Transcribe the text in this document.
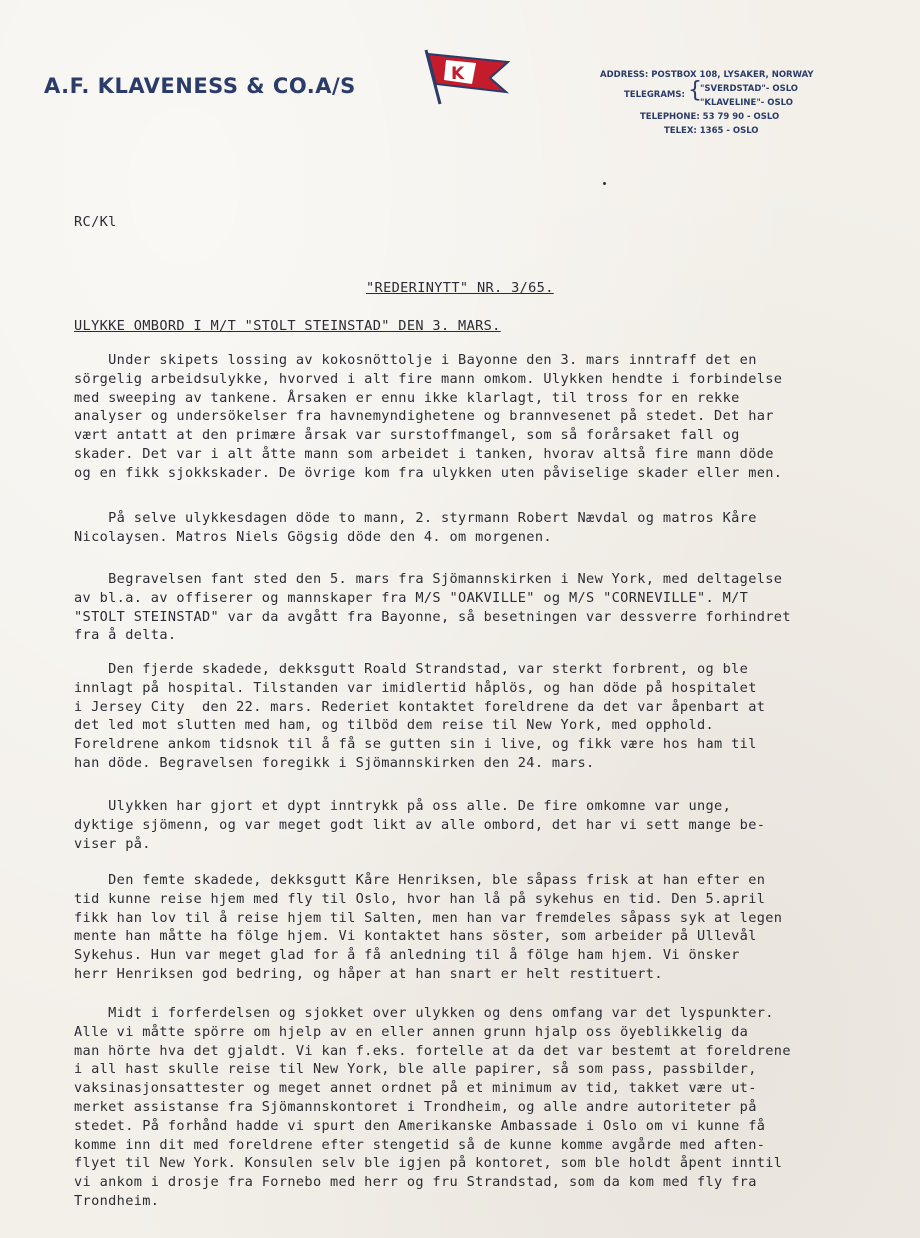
A.F. KLAVENESS & CO.A/S	K	ADDRESS: POSTBOX 108, LYSAKER, NORWAY
TELEGRAMS: {
"SVERDSTAD"- OSLO
"KLAVELINE"- OSLO
TELEPHONE: 53 79 90 - OSLO
TELEX: 1365 - OSLO
RC/Kl
"REDERINYTT" NR. 3/65.
ULYKKE OMBORD I M/T "STOLT STEINSTAD" DEN 3. MARS.

Under skipets lossing av kokosnöttolje i Bayonne den 3. mars inntraff det en
sörgelig arbeidsulykke, hvorved i alt fire mann omkom. Ulykken hendte i forbindelse
med sweeping av tankene. Årsaken er ennu ikke klarlagt, til tross for en rekke
analyser og undersökelser fra havnemyndighetene og brannvesenet på stedet. Det har
vært antatt at den primære årsak var surstoffmangel, som så forårsaket fall og
skader. Det var i alt åtte mann som arbeidet i tanken, hvorav altså fire mann döde
og en fikk sjokkskader. De övrige kom fra ulykken uten påviselige skader eller men.

På selve ulykkesdagen döde to mann, 2. styrmann Robert Nævdal og matros Kåre
Nicolaysen. Matros Niels Gögsig döde den 4. om morgenen.

Begravelsen fant sted den 5. mars fra Sjömannskirken i New York, med deltagelse
av bl.a. av offiserer og mannskaper fra M/S "OAKVILLE" og M/S "CORNEVILLE". M/T
"STOLT STEINSTAD" var da avgått fra Bayonne, så besetningen var dessverre forhindret
fra å delta.

Den fjerde skadede, dekksgutt Roald Strandstad, var sterkt forbrent, og ble
innlagt på hospital. Tilstanden var imidlertid håplös, og han döde på hospitalet
i Jersey City  den 22. mars. Rederiet kontaktet foreldrene da det var åpenbart at
det led mot slutten med ham, og tilböd dem reise til New York, med opphold.
Foreldrene ankom tidsnok til å få se gutten sin i live, og fikk være hos ham til
han döde. Begravelsen foregikk i Sjömannskirken den 24. mars.

Ulykken har gjort et dypt inntrykk på oss alle. De fire omkomne var unge,
dyktige sjömenn, og var meget godt likt av alle ombord, det har vi sett mange be-
viser på.

Den femte skadede, dekksgutt Kåre Henriksen, ble såpass frisk at han efter en
tid kunne reise hjem med fly til Oslo, hvor han lå på sykehus en tid. Den 5.april
fikk han lov til å reise hjem til Salten, men han var fremdeles såpass syk at legen
mente han måtte ha fölge hjem. Vi kontaktet hans söster, som arbeider på Ullevål
Sykehus. Hun var meget glad for å få anledning til å fölge ham hjem. Vi önsker
herr Henriksen god bedring, og håper at han snart er helt restituert.

Midt i forferdelsen og sjokket over ulykken og dens omfang var det lyspunkter.
Alle vi måtte spörre om hjelp av en eller annen grunn hjalp oss öyeblikkelig da
man hörte hva det gjaldt. Vi kan f.eks. fortelle at da det var bestemt at foreldrene
i all hast skulle reise til New York, ble alle papirer, så som pass, passbilder,
vaksinasjonsattester og meget annet ordnet på et minimum av tid, takket være ut-
merket assistanse fra Sjömannskontoret i Trondheim, og alle andre autoriteter på
stedet. På forhånd hadde vi spurt den Amerikanske Ambassade i Oslo om vi kunne få
komme inn dit med foreldrene efter stengetid så de kunne komme avgårde med aften-
flyet til New York. Konsulen selv ble igjen på kontoret, som ble holdt åpent inntil
vi ankom i drosje fra Fornebo med herr og fru Strandstad, som da kom med fly fra
Trondheim.
